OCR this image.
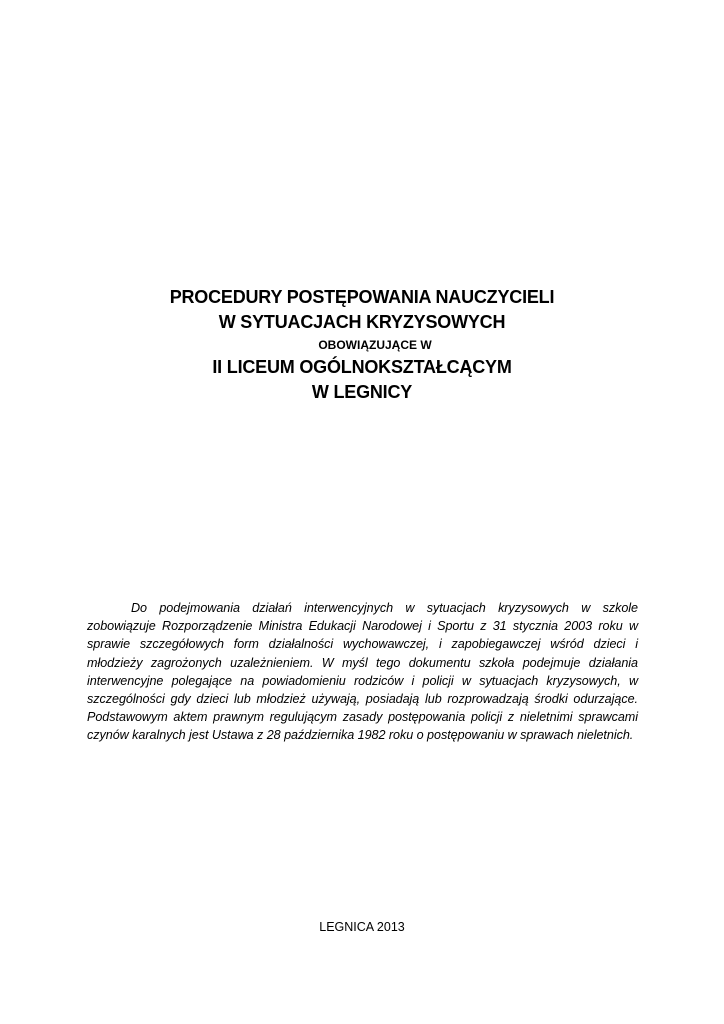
PROCEDURY POSTĘPOWANIA NAUCZYCIELI

W SYTUACJACH KRYZYSOWYCH

OBOWIĄZUJĄCE W

II LICEUM OGÓLNOKSZTAŁCĄCYM

W LEGNICY

Do podejmowania działań interwencyjnych w sytuacjach kryzysowych w szkole zobowiązuje Rozporządzenie Ministra Edukacji Narodowej i Sportu z 31 stycznia 2003 roku w sprawie szczegółowych form działalności wychowawczej, i zapobiegawczej wśród dzieci i młodzieży zagrożonych uzależnieniem. W myśl tego dokumentu szkoła podejmuje działania interwencyjne polegające na powiadomieniu rodziców i policji w sytuacjach kryzysowych, w szczególności gdy dzieci lub młodzież używają, posiadają lub rozprowadzają środki odurzające. Podstawowym aktem prawnym regulującym zasady postępowania policji z nieletnimi sprawcami czynów karalnych jest Ustawa z 28 października 1982 roku o postępowaniu w sprawach nieletnich.

LEGNICA 2013
